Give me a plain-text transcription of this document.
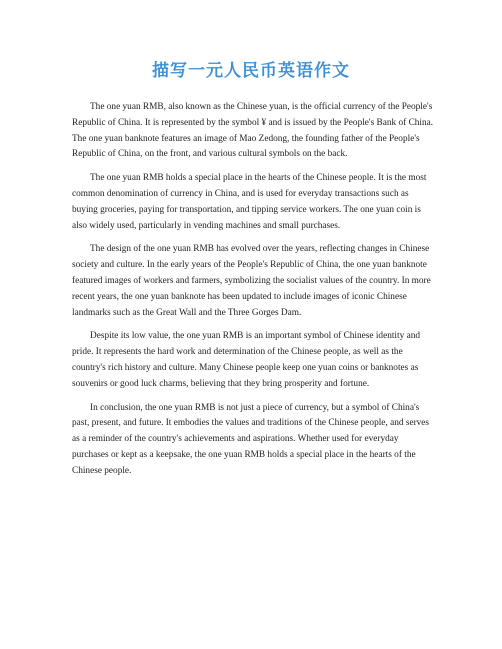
描写一元人民币英语作文

The one yuan RMB, also known as the Chinese yuan, is the official currency of the People's Republic of China. It is represented by the symbol ¥ and is issued by the People's Bank of China. The one yuan banknote features an image of Mao Zedong, the founding father of the People's Republic of China, on the front, and various cultural symbols on the back.

The one yuan RMB holds a special place in the hearts of the Chinese people. It is the most common denomination of currency in China, and is used for everyday transactions such as buying groceries, paying for transportation, and tipping service workers. The one yuan coin is also widely used, particularly in vending machines and small purchases.

The design of the one yuan RMB has evolved over the years, reflecting changes in Chinese society and culture. In the early years of the People's Republic of China, the one yuan banknote featured images of workers and farmers, symbolizing the socialist values of the country. In more recent years, the one yuan banknote has been updated to include images of iconic Chinese landmarks such as the Great Wall and the Three Gorges Dam.

Despite its low value, the one yuan RMB is an important symbol of Chinese identity and pride. It represents the hard work and determination of the Chinese people, as well as the country's rich history and culture. Many Chinese people keep one yuan coins or banknotes as souvenirs or good luck charms, believing that they bring prosperity and fortune.

In conclusion, the one yuan RMB is not just a piece of currency, but a symbol of China's past, present, and future. It embodies the values and traditions of the Chinese people, and serves as a reminder of the country's achievements and aspirations. Whether used for everyday purchases or kept as a keepsake, the one yuan RMB holds a special place in the hearts of the Chinese people.
